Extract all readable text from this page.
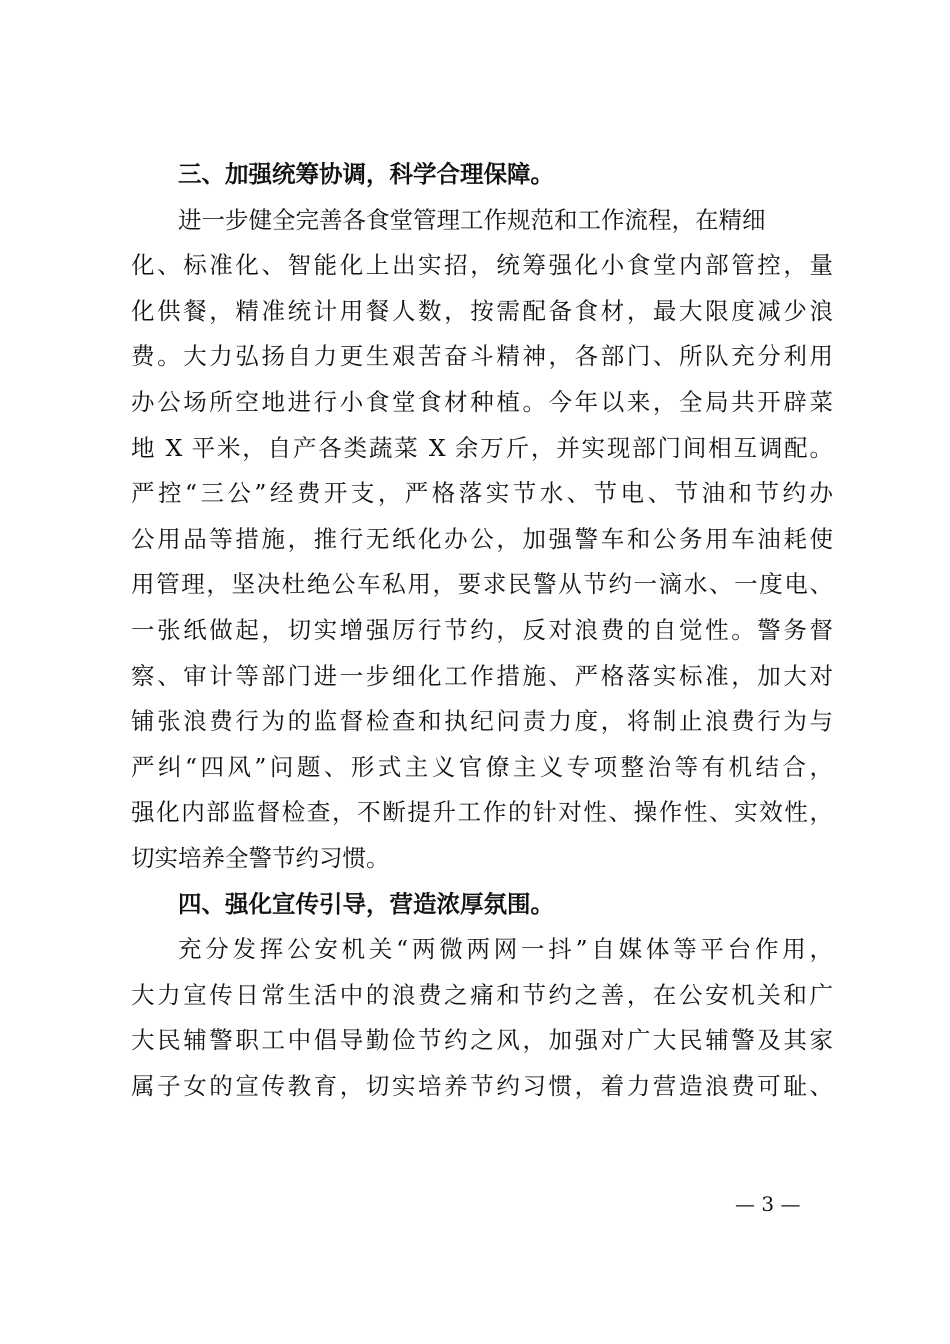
三、加强统筹协调，科学合理保障。
进一步健全完善各食堂管理工作规范和工作流程，在精细
化、标准化、智能化上出实招，统筹强化小食堂内部管控，量
化供餐，精准统计用餐人数，按需配备食材，最大限度减少浪
费。大力弘扬自力更生艰苦奋斗精神，各部门、所队充分利用
办公场所空地进行小食堂食材种植。今年以来，全局共开辟菜
地 X 平米，自产各类蔬菜 X 余万斤，并实现部门间相互调配。
严控“三公”经费开支，严格落实节水、节电、节油和节约办
公用品等措施，推行无纸化办公，加强警车和公务用车油耗使
用管理，坚决杜绝公车私用，要求民警从节约一滴水、一度电、
一张纸做起，切实增强厉行节约，反对浪费的自觉性。警务督
察、审计等部门进一步细化工作措施、严格落实标准，加大对
铺张浪费行为的监督检查和执纪问责力度，将制止浪费行为与
严纠“四风”问题、形式主义官僚主义专项整治等有机结合，
强化内部监督检查，不断提升工作的针对性、操作性、实效性，
切实培养全警节约习惯。
四、强化宣传引导，营造浓厚氛围。
充分发挥公安机关“两微两网一抖”自媒体等平台作用，
大力宣传日常生活中的浪费之痛和节约之善，在公安机关和广
大民辅警职工中倡导勤俭节约之风，加强对广大民辅警及其家
属子女的宣传教育，切实培养节约习惯，着力营造浪费可耻、
— 3 —
